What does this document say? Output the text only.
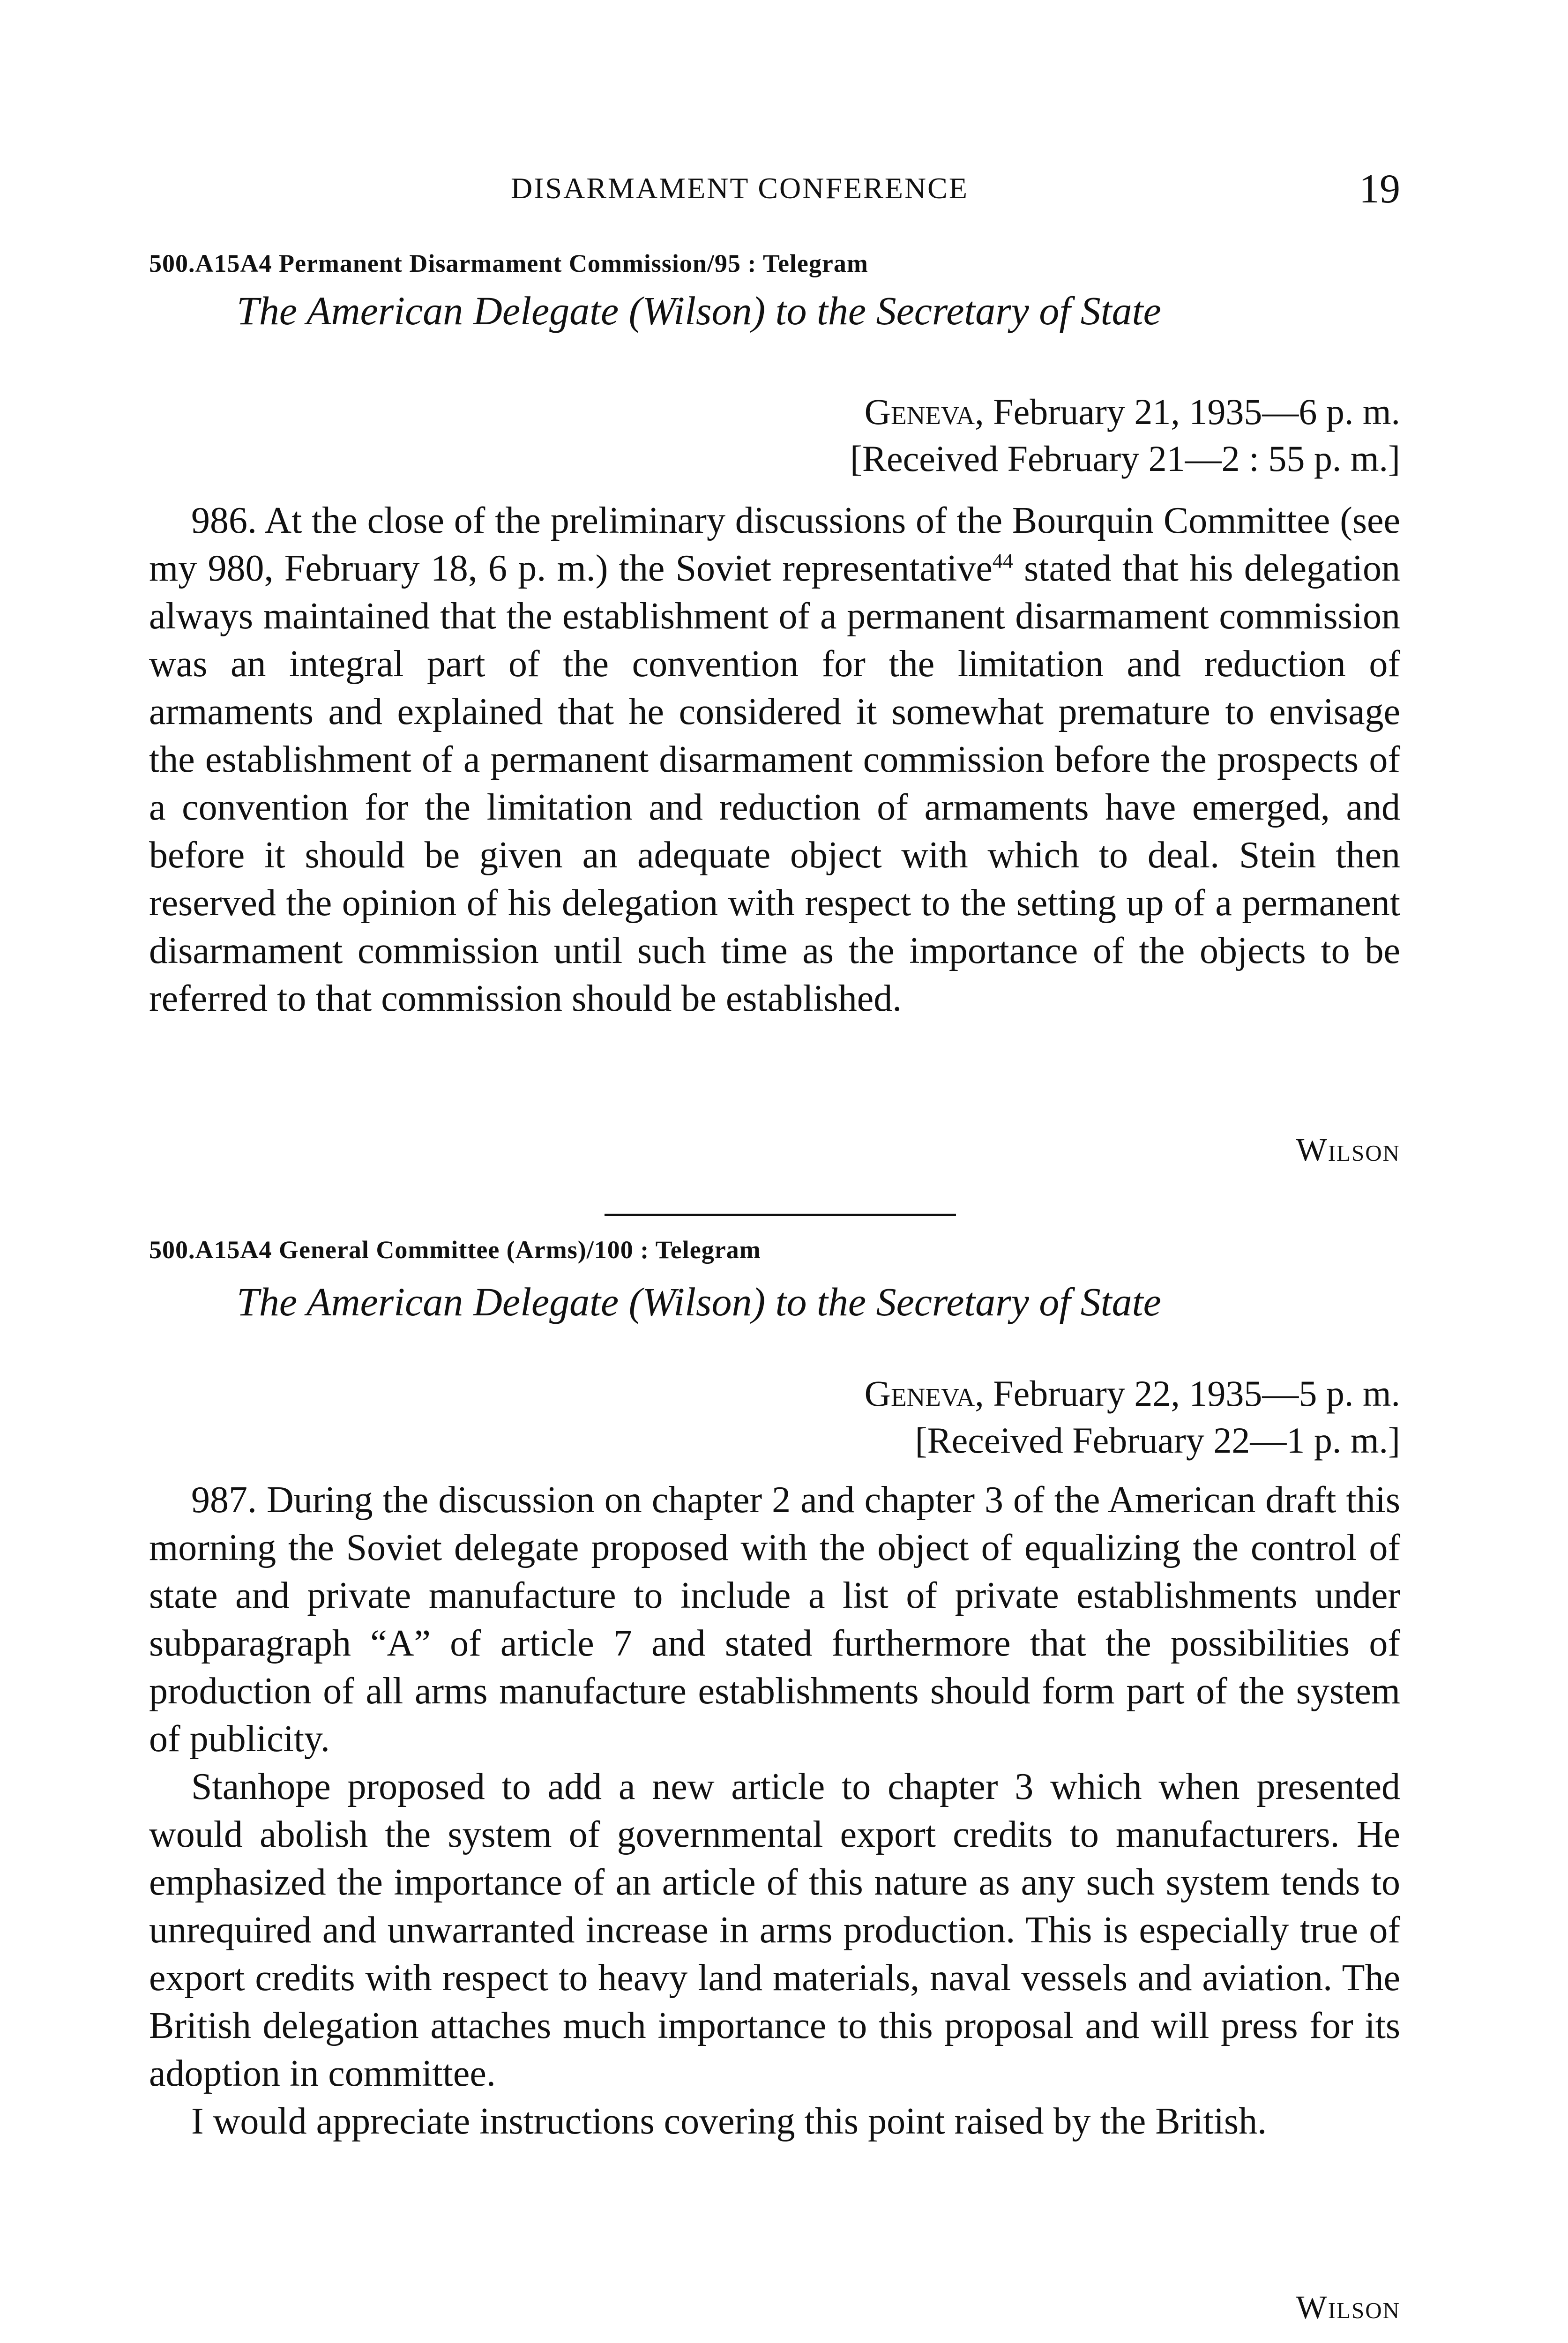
DISARMAMENT CONFERENCE	19
500.A15A4 Permanent Disarmament Commission/95 : Telegram
The American Delegate (Wilson) to the Secretary of State
Geneva, February 21, 1935—6 p. m.
[Received February 21—2 : 55 p. m.]

986. At the close of the preliminary discussions of the Bourquin Committee (see my 980, February 18, 6 p. m.) the Soviet representative$^{44}$ stated that his delegation always maintained that the establishment of a permanent disarmament commission was an integral part of the convention for the limitation and reduction of armaments and explained that he considered it somewhat premature to envisage the establishment of a permanent disarmament commission before the prospects of a convention for the limitation and reduction of armaments have emerged, and before it should be given an adequate object with which to deal. Stein then reserved the opinion of his delegation with respect to the setting up of a permanent disarmament commission until such time as the importance of the objects to be referred to that commission should be established.

Wilson
500.A15A4 General Committee (Arms)/100 : Telegram
The American Delegate (Wilson) to the Secretary of State
Geneva, February 22, 1935—5 p. m.
[Received February 22—1 p. m.]

987. During the discussion on chapter 2 and chapter 3 of the American draft this morning the Soviet delegate proposed with the object of equalizing the control of state and private manufacture to include a list of private establishments under subparagraph “A” of article 7 and stated furthermore that the possibilities of production of all arms manufacture establishments should form part of the system of publicity.

Stanhope proposed to add a new article to chapter 3 which when presented would abolish the system of governmental export credits to manufacturers. He emphasized the importance of an article of this nature as any such system tends to unrequired and unwarranted increase in arms production. This is especially true of export credits with respect to heavy land materials, naval vessels and aviation. The British delegation attaches much importance to this proposal and will press for its adoption in committee.

I would appreciate instructions covering this point raised by the British.

Wilson
